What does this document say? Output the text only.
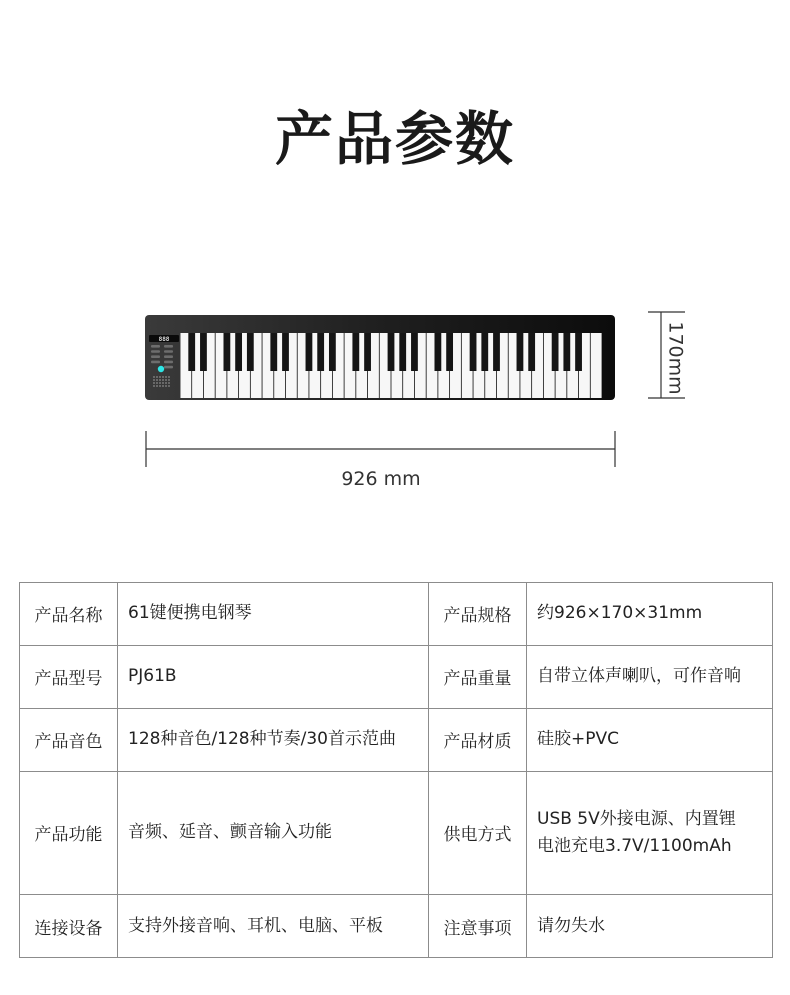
产品参数
888	170mm
926 mm
产品名称	61键便携电钢琴	产品规格	约926×170×31mm
产品型号	PJ61B	产品重量	自带立体声喇叭，可作音响
产品音色	128种音色/128种节奏/30首示范曲	产品材质	硅胶+PVC
产品功能	音频、延音、颤音输入功能	供电方式	USB 5V外接电源、内置锂
电池充电3.7V/1100mAh
连接设备	支持外接音响、耳机、电脑、平板	注意事项	请勿失水
